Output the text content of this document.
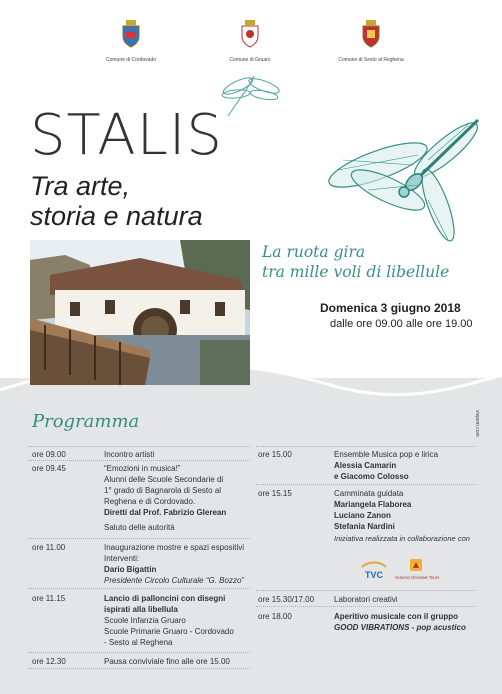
Comune di Cordovado	Comune di Gruaro	Comune di Sesto al Reghena
STALIS
Tra arte,
storia e natura
La ruota gira
tra mille voli di libellule
Domenica 3 giugno 2018
dalle ore 09.00 alle ore 19.00
Programma	vivpem.com
ore 09.00	Incontro artisti
ore 09.45	“Emozioni in musica!”
Alunni delle Scuole Secondarie di
1° grado di Bagnarola di Sesto al
Reghena e di Cordovado.
Diretti dal Prof. Fabrizio Glerean
Saluto delle autorità
ore 11.00	Inaugurazione mostre e spazi espositivi
Interventi:
Dario Bigattin
Presidente Circolo Culturale “G. Bozzo”
ore 11.15	Lancio di palloncini con disegni
ispirati alla libellula
Scuole Infanzia Gruaro
Scuole Primarie Gruaro - Cordovado
- Sesto al Reghena
ore 12.30	Pausa conviviale fino alle ore 15.00
ore 15.00	Ensemble Musica pop e lirica
Alessia Camarin
e Giacomo Colosso
ore 15.15	Camminata guidata
Mariangela Flaborea
Luciano Zanon
Stefania Nardini
Iniziativa realizzata in collaborazione con
TVC	Venezia Orientale Tours
ore 15.30/17.00 Laboratori creativi
ore 18.00	Aperitivo musicale con il gruppo
GOOD VIBRATIONS - pop acustico
